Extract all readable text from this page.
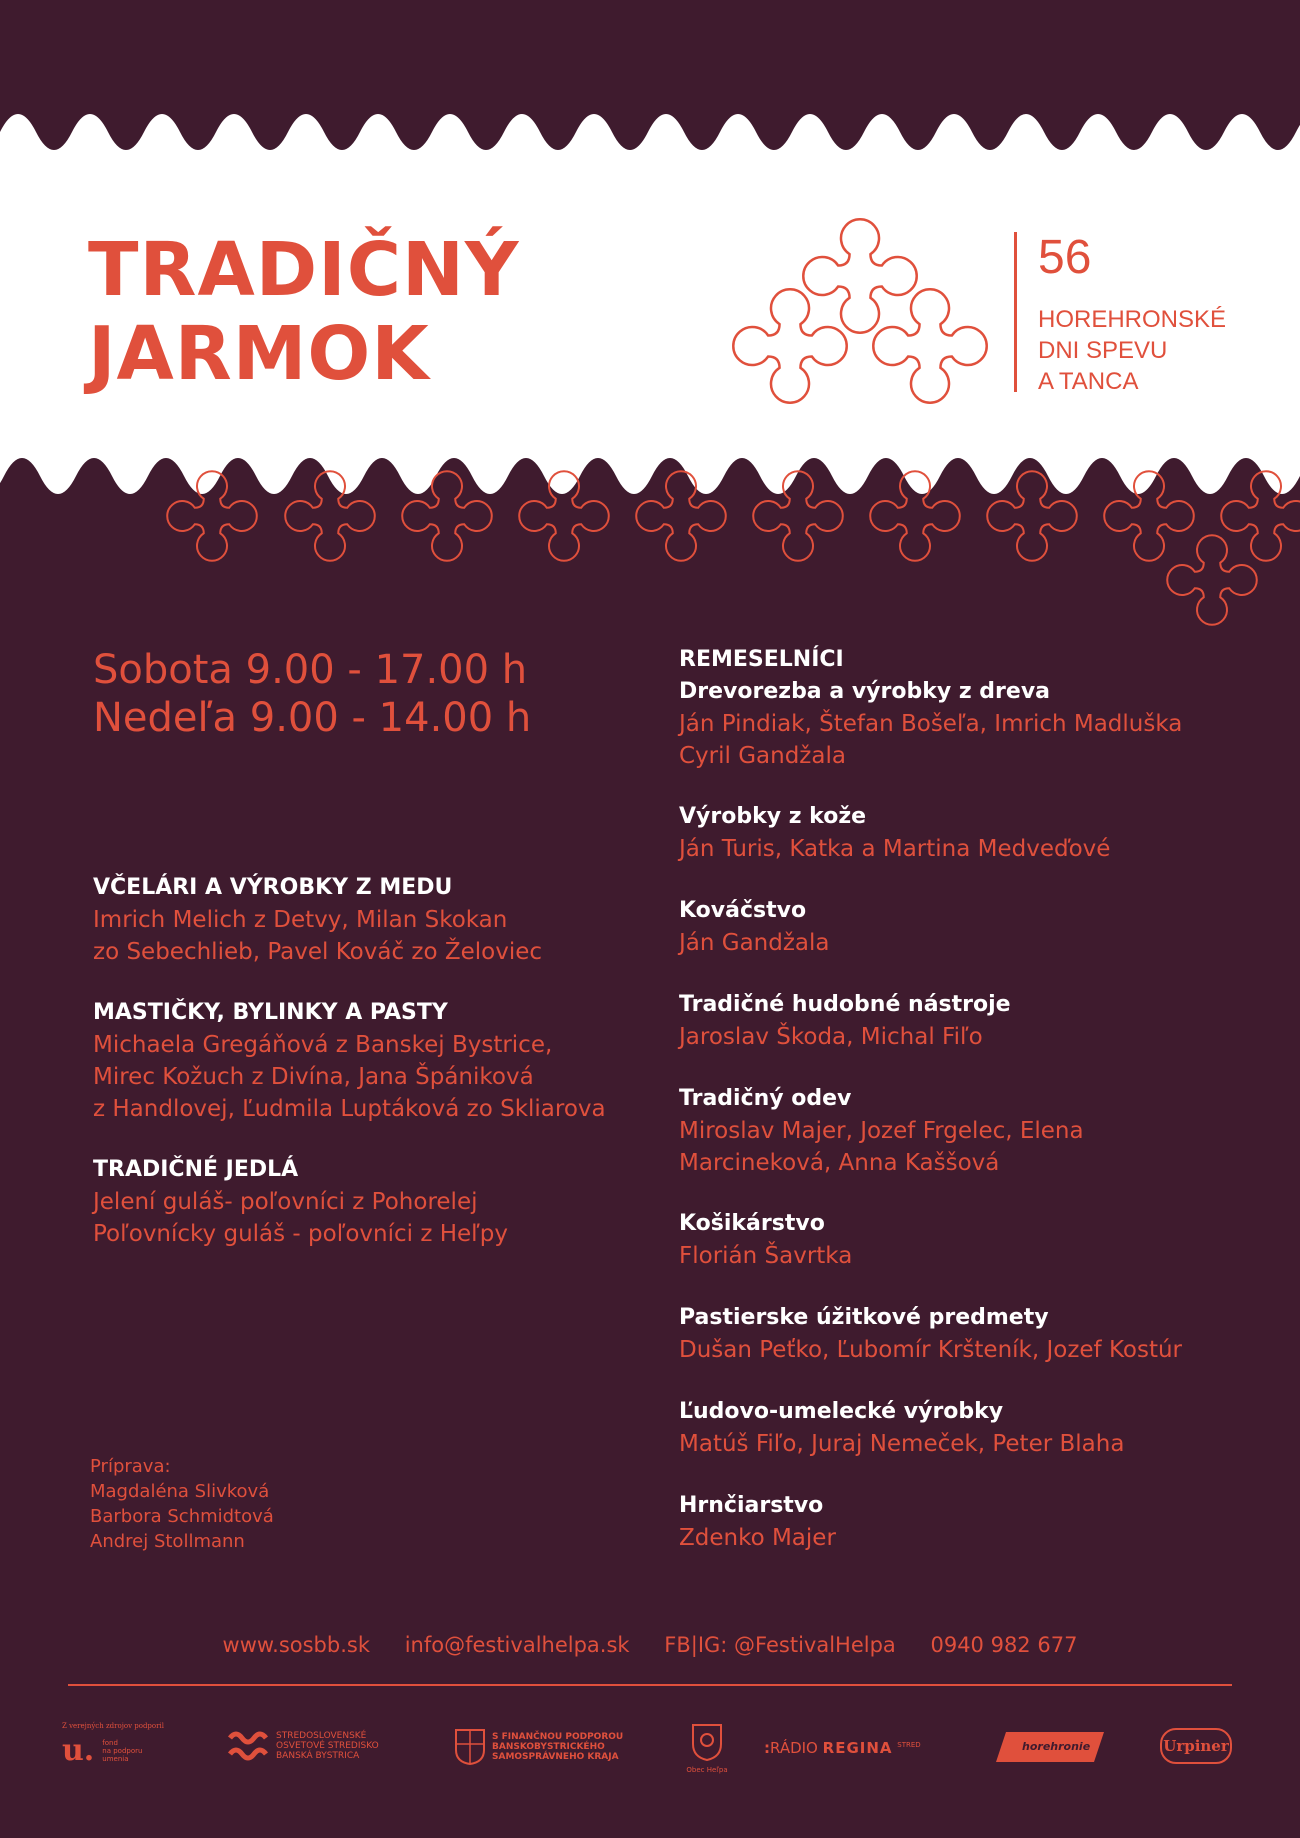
TRADIČNÝ
JARMOK
56
HOREHRONSKÉ
DNI SPEVU
A TANCA
Sobota 9.00 - 17.00 h
Nedeľa 9.00 - 14.00 h
VČELÁRI A VÝROBKY Z MEDU
Imrich Melich z Detvy, Milan Skokan
zo Sebechlieb, Pavel Kováč zo Želoviec
MASTIČKY, BYLINKY A PASTY
Michaela Gregáňová z Banskej Bystrice,
Mirec Kožuch z Divína, Jana Špániková
z Handlovej, Ľudmila Luptáková zo Skliarova
TRADIČNÉ JEDLÁ
Jelení guláš- poľovníci z Pohorelej
Poľovnícky guláš - poľovníci z Heľpy
REMESELNÍCI
Drevorezba a výrobky z dreva
Ján Pindiak, Štefan Bošeľa, Imrich Madluška
Cyril Gandžala
Výrobky z kože
Ján Turis, Katka a Martina Medveďové
Kováčstvo
Ján Gandžala
Tradičné hudobné nástroje
Jaroslav Škoda, Michal Fiľo
Tradičný odev
Miroslav Majer, Jozef Frgelec, Elena
Marcineková, Anna Kaššová
Košikárstvo
Florián Šavrtka
Pastierske úžitkové predmety
Dušan Peťko, Ľubomír Kršteník, Jozef Kostúr
Ľudovo-umelecké výrobky
Matúš Fiľo, Juraj Nemeček, Peter Blaha
Hrnčiarstvo
Zdenko Majer
Príprava:
Magdaléna Slivková
Barbora Schmidtová
Andrej Stollmann
www.sosbb.sk info@festivalhelpa.sk FB|IG: @FestivalHelpa 0940 982 677
Z verejných zdrojov podporil
u. fond
na podporu
umenia
STREDOSLOVENSKÉ
OSVETOVÉ STREDISKO
BANSKÁ BYSTRICA
S FINANČNOU PODPOROU
BANSKOBYSTRICKÉHO
SAMOSPRÁVNEHO KRAJA
Obec Heľpa
:RÁDIO REGINA $^{STRED}$	horehronie	Urpiner
